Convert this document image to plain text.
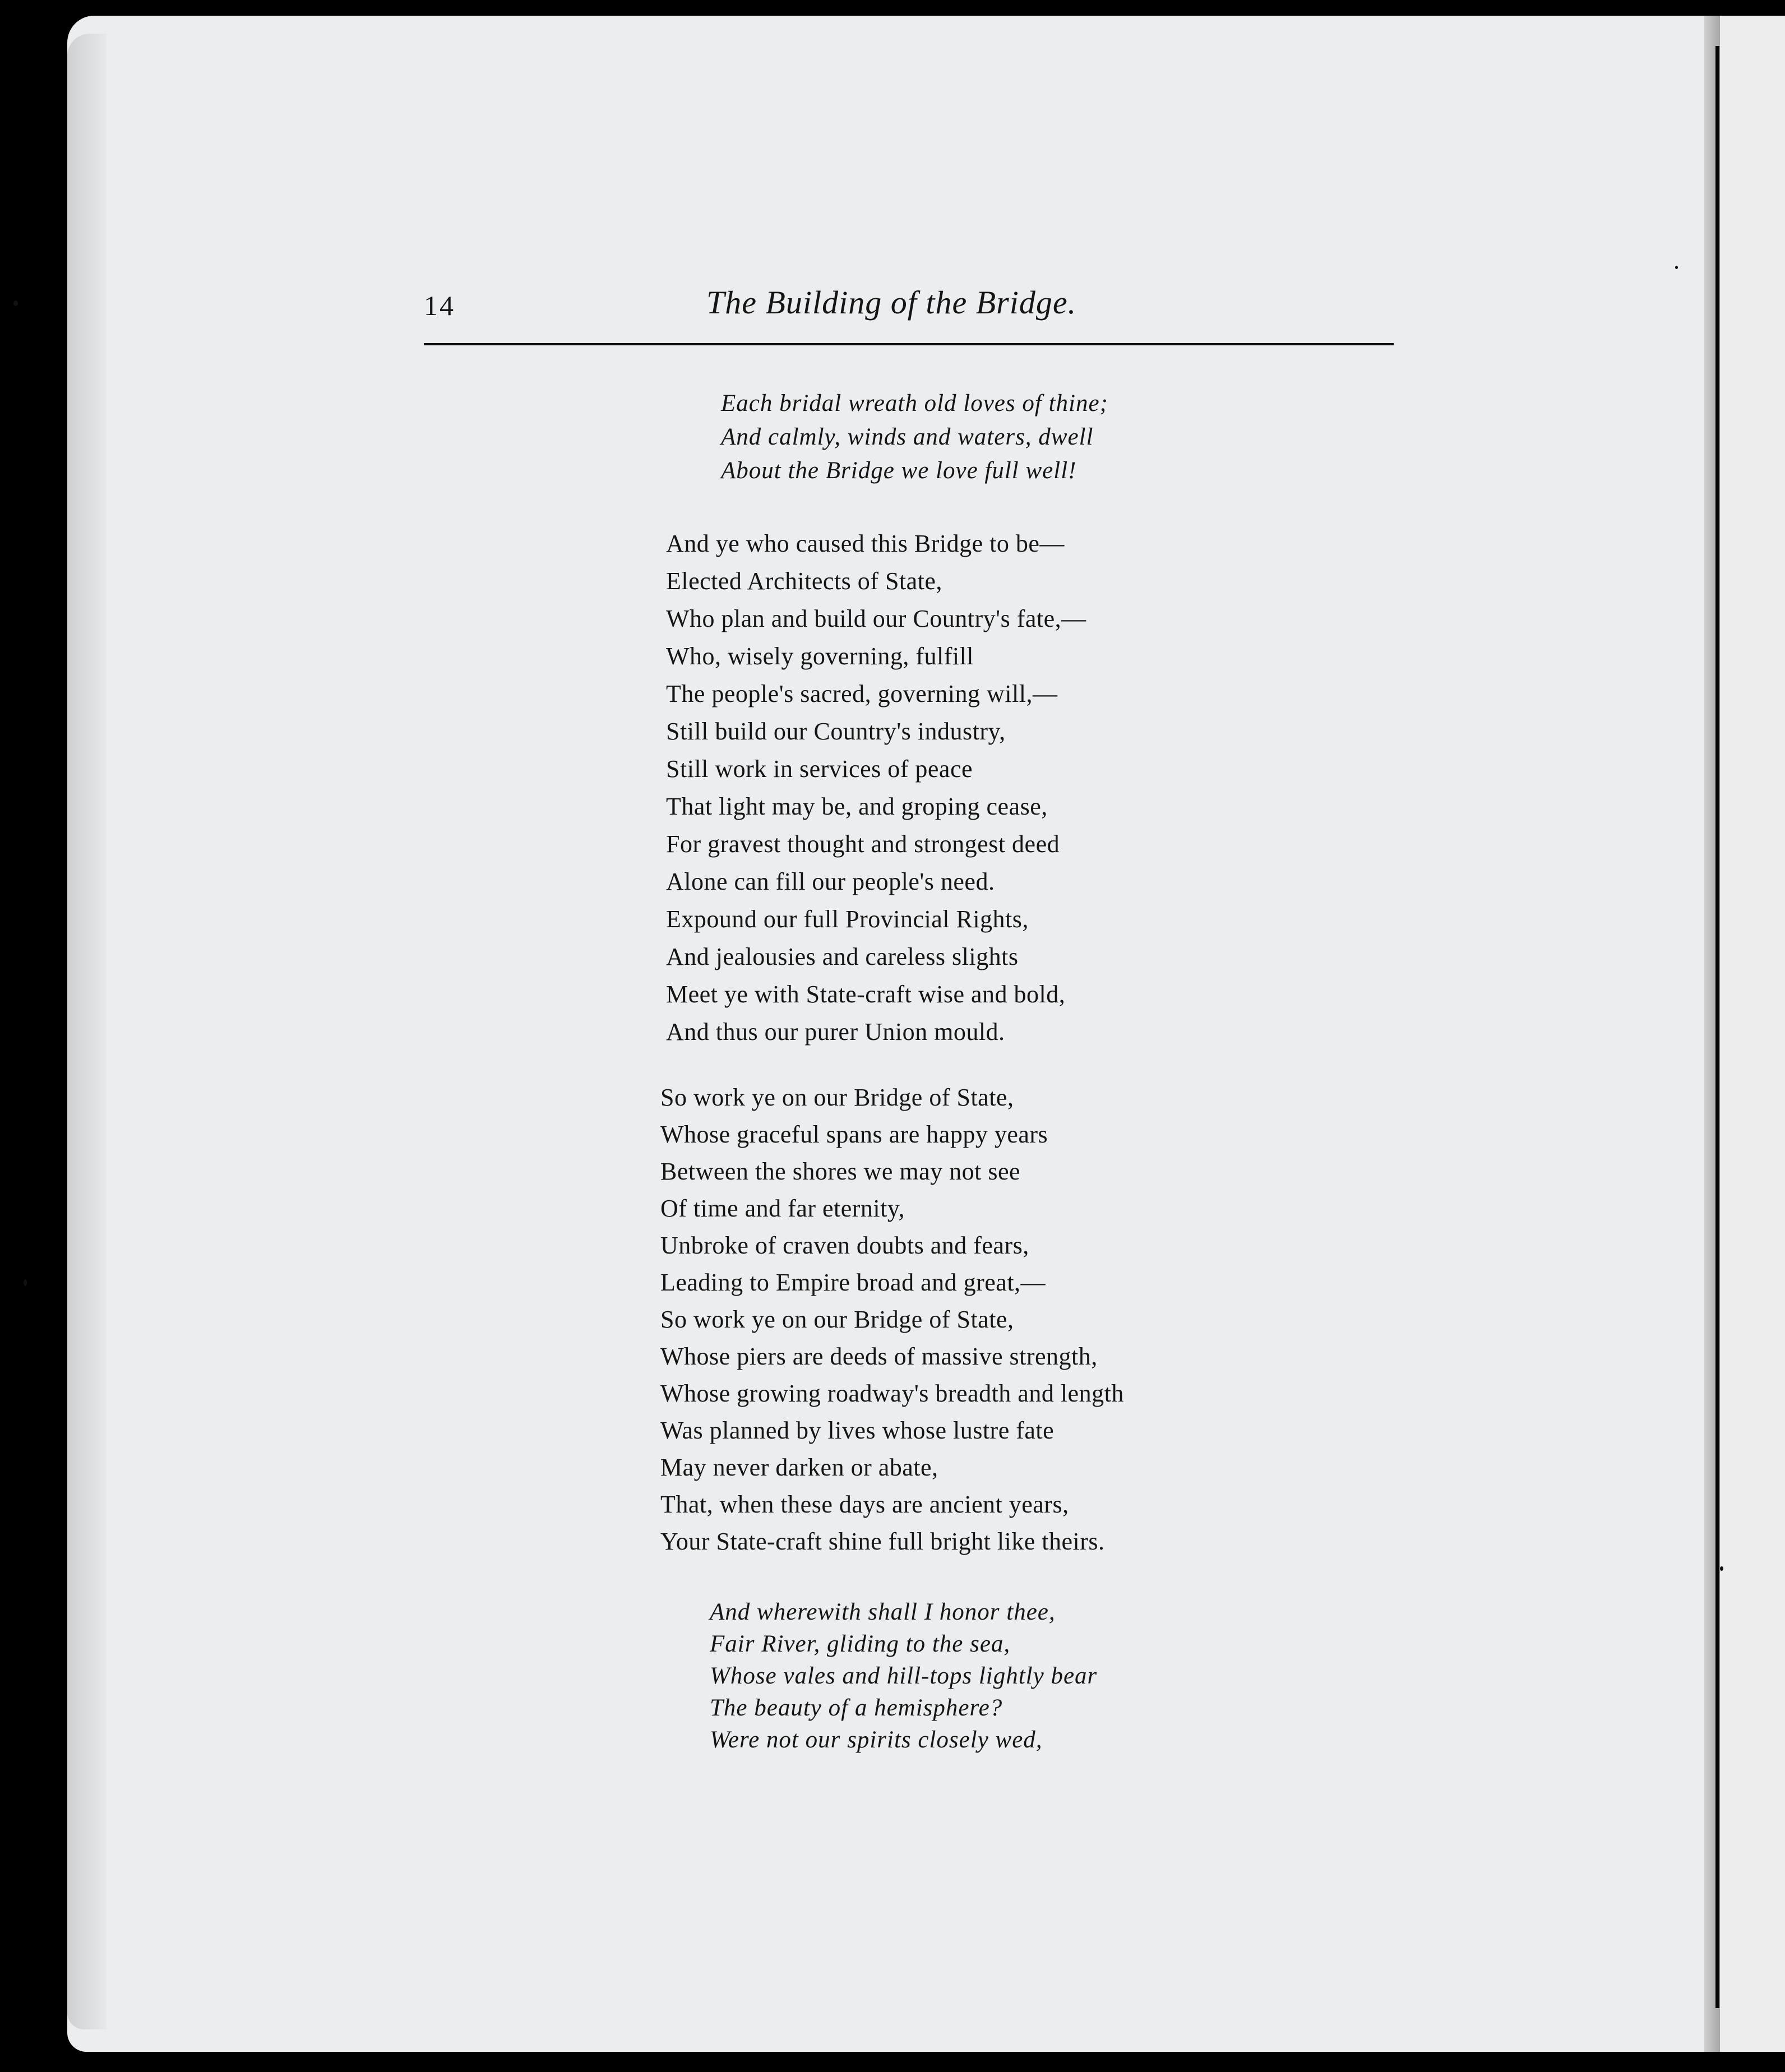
14	The Building of the Bridge.
Each bridal wreath old loves of thine;
And calmly, winds and waters, dwell
About the Bridge we love full well!
And ye who caused this Bridge to be—
Elected Architects of State,
Who plan and build our Country's fate,—
Who, wisely governing, fulfill
The people's sacred, governing will,—
Still build our Country's industry,
Still work in services of peace
That light may be, and groping cease,
For gravest thought and strongest deed
Alone can fill our people's need.
Expound our full Provincial Rights,
And jealousies and careless slights
Meet ye with State-craft wise and bold,
And thus our purer Union mould.
So work ye on our Bridge of State,
Whose graceful spans are happy years
Between the shores we may not see
Of time and far eternity,
Unbroke of craven doubts and fears,
Leading to Empire broad and great,—
So work ye on our Bridge of State,
Whose piers are deeds of massive strength,
Whose growing roadway's breadth and length
Was planned by lives whose lustre fate
May never darken or abate,
That, when these days are ancient years,
Your State-craft shine full bright like theirs.
And wherewith shall I honor thee,
Fair River, gliding to the sea,
Whose vales and hill-tops lightly bear
The beauty of a hemisphere?
Were not our spirits closely wed,
